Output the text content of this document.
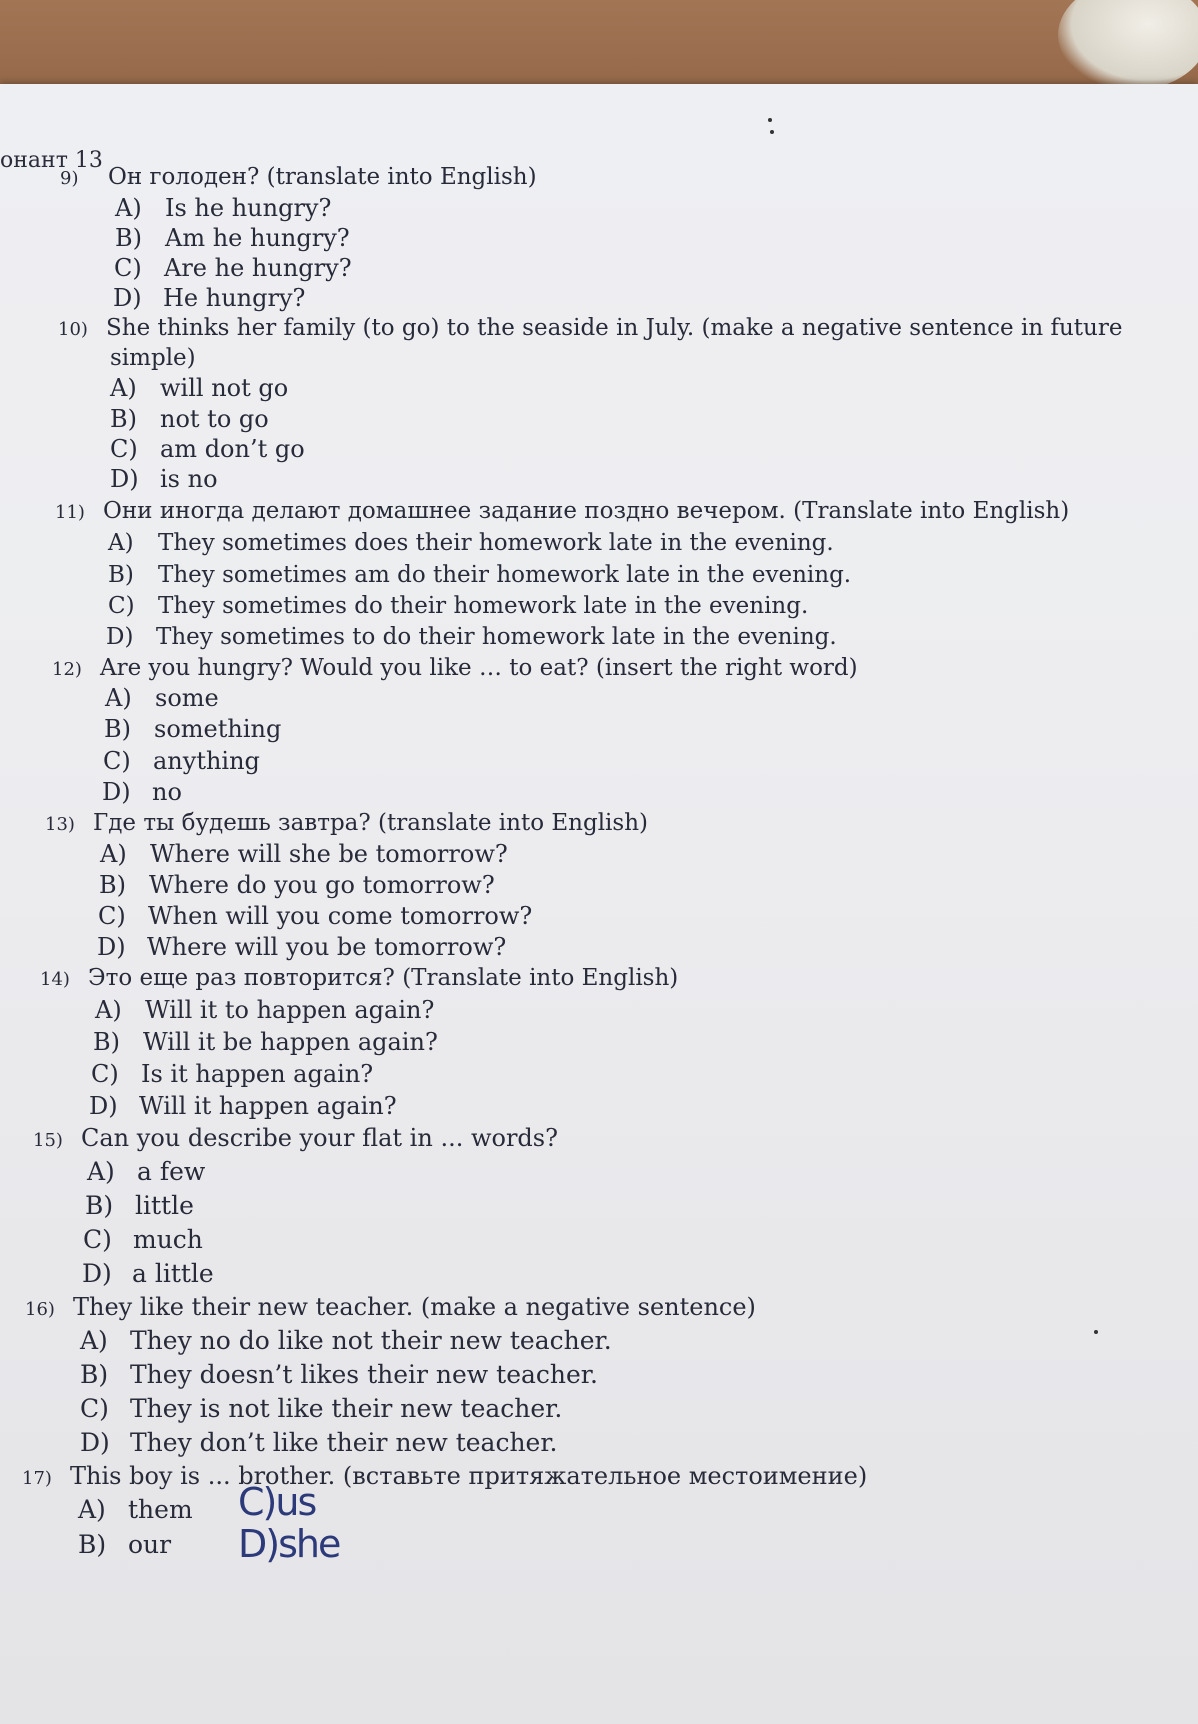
онант 13
9) Он голоден? (translate into English)
A) Is he hungry?
B) Am he hungry?
C) Are he hungry?
D) He hungry?
10) She thinks her family (to go) to the seaside in July. (make a negative sentence in future
simple)
A) will not go
B) not to go
C) am don’t go
D) is no
11) Они иногда делают домашнее задание поздно вечером. (Translate into English)
A) They sometimes does their homework late in the evening.
B) They sometimes am do their homework late in the evening.
C) They sometimes do their homework late in the evening.
D) They sometimes to do their homework late in the evening.
12) Are you hungry? Would you like … to eat? (insert the right word)
A) some
B) something
C) anything
D) no
13) Где ты будешь завтра? (translate into English)
A) Where will she be tomorrow?
B) Where do you go tomorrow?
C) When will you come tomorrow?
D) Where will you be tomorrow?
14) Это еще раз повторится? (Translate into English)
A) Will it to happen again?
B) Will it be happen again?
C) Is it happen again?
D) Will it happen again?
15) Can you describe your flat in ... words?
A) a few
B) little
C) much
D) a little
16) They like their new teacher. (make a negative sentence)
A) They no do like not their new teacher.
B) They doesn’t likes their new teacher.
C) They is not like their new teacher.
D) They don’t like their new teacher.
17) This boy is ... brother. (вставьте притяжательное местоимение)
A) them
B) our
C)us
D)she
